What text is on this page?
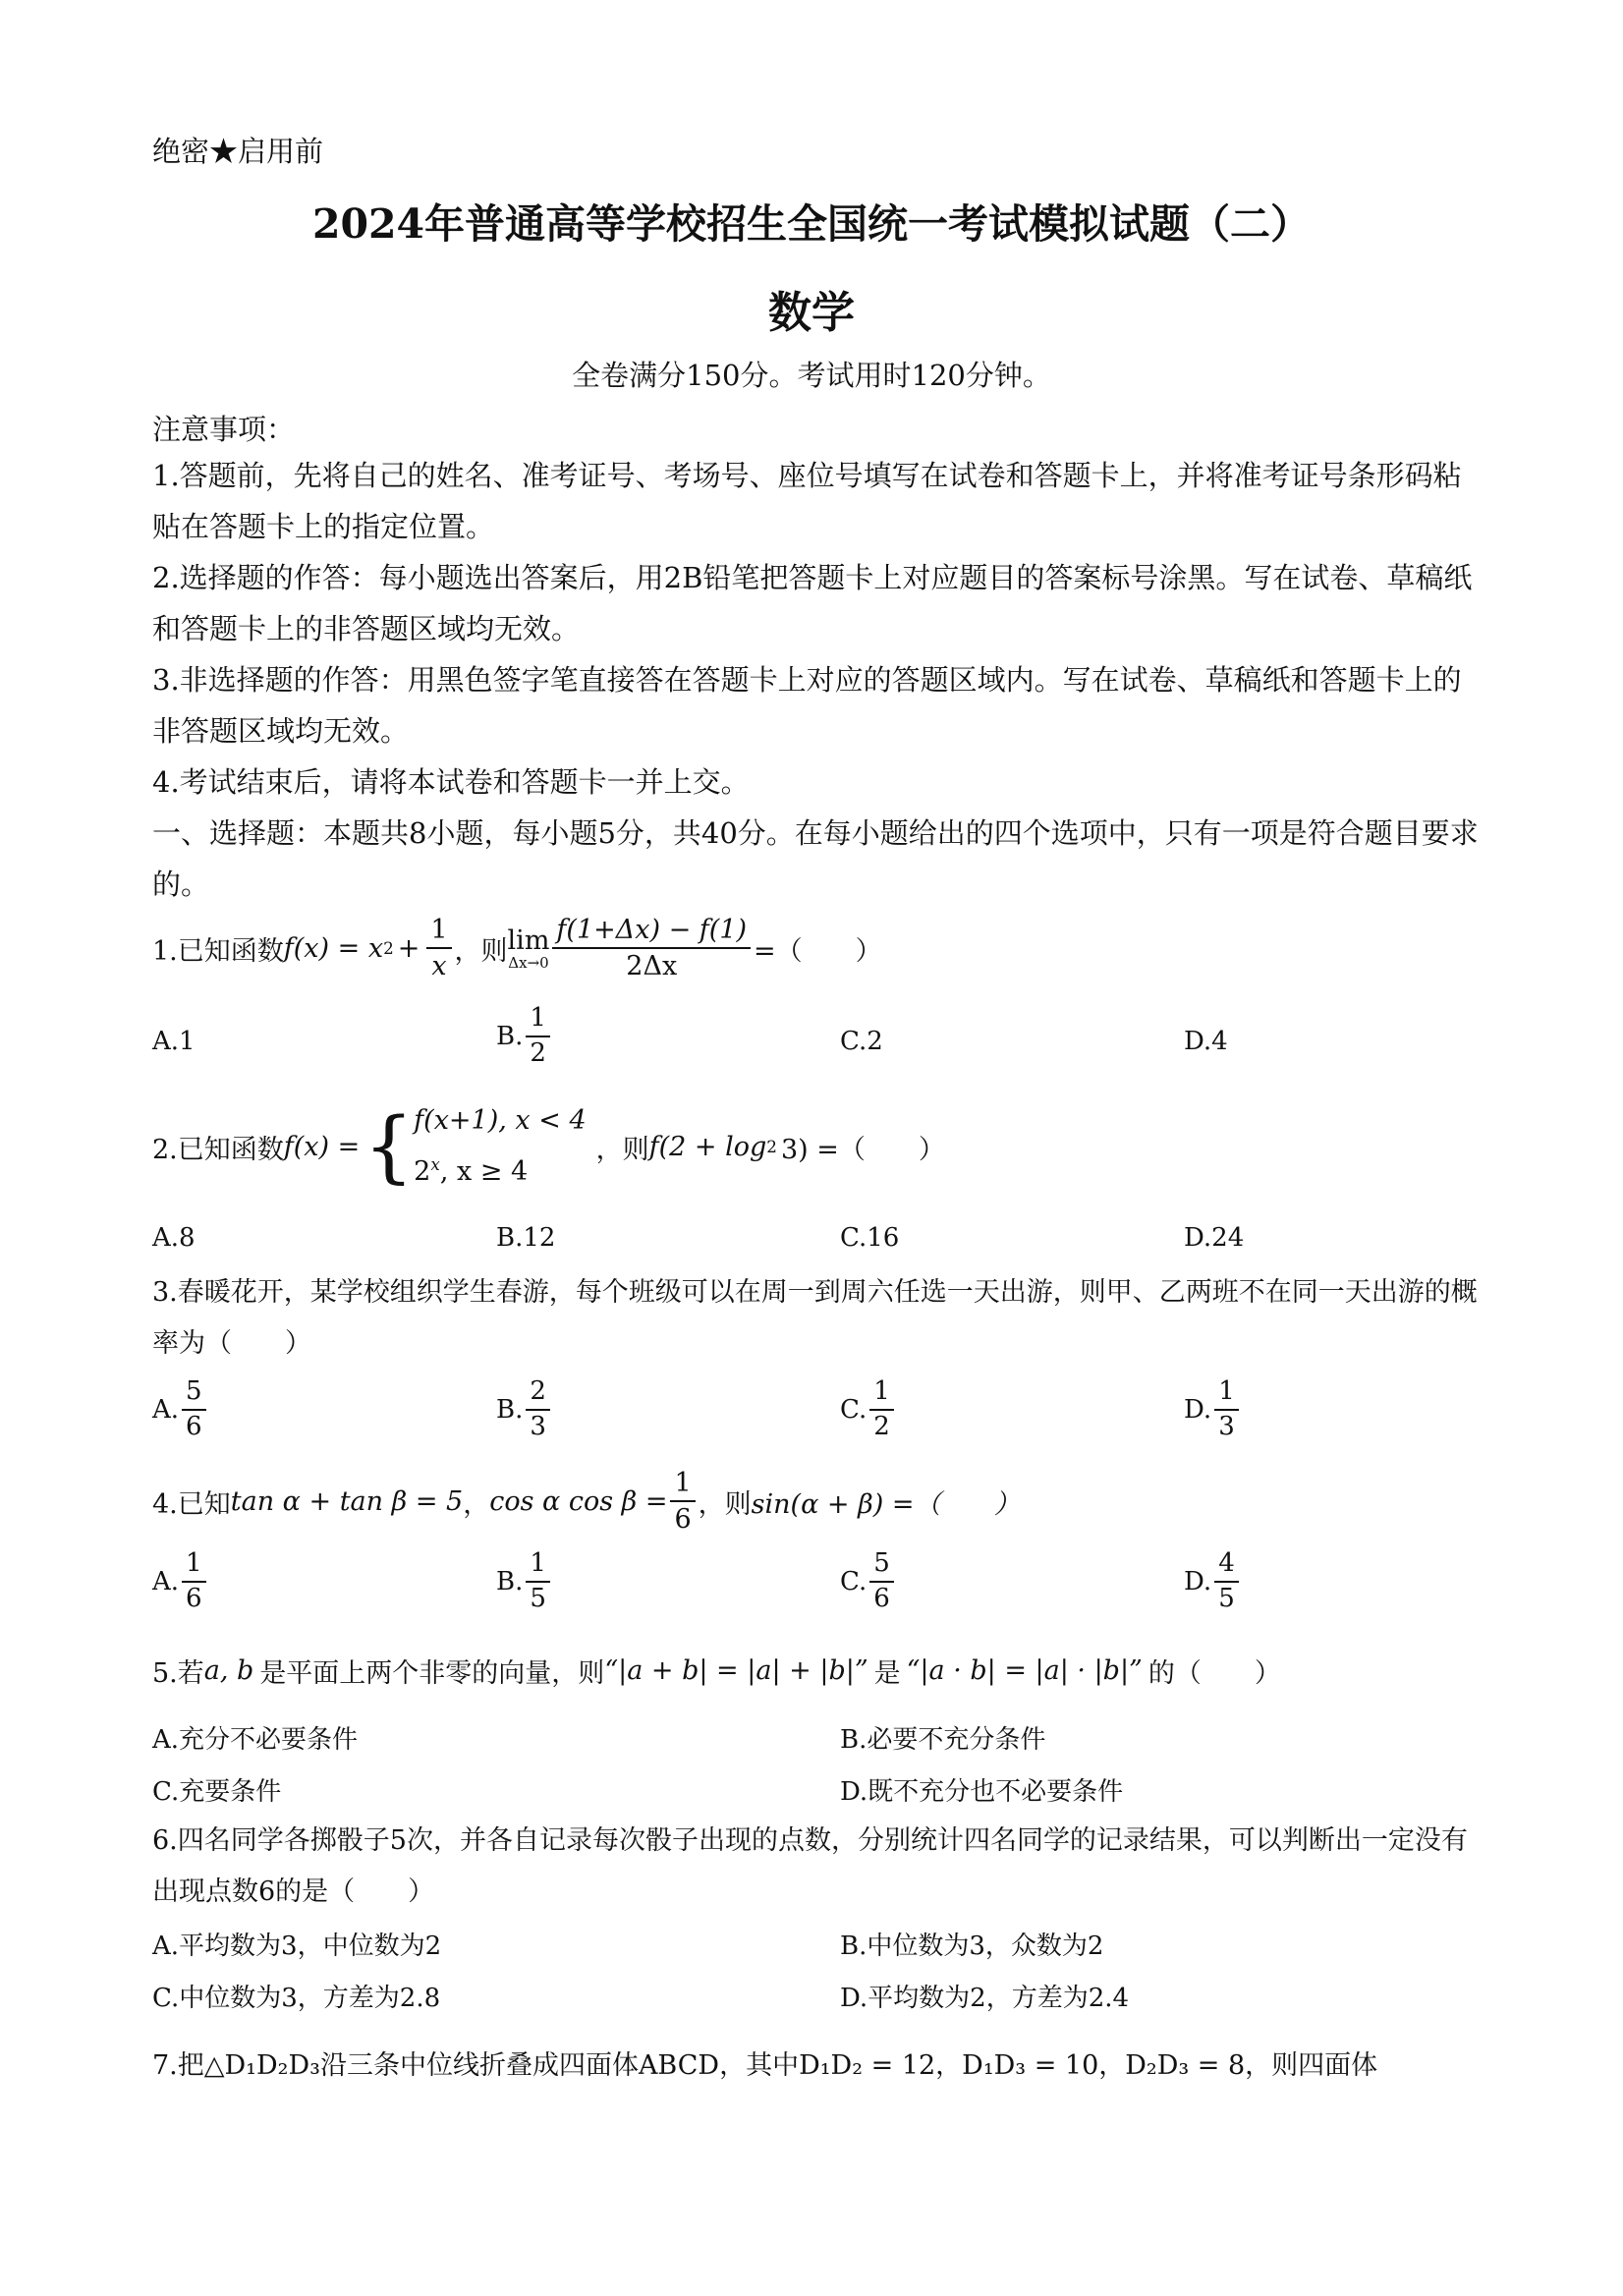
绝密★启用前
2024年普通高等学校招生全国统一考试模拟试题（二）
数学
全卷满分150分。考试用时120分钟。
注意事项：
1.答题前，先将自己的姓名、准考证号、考场号、座位号填写在试卷和答题卡上，并将准考证号条形码粘贴在答题卡上的指定位置。
2.选择题的作答：每小题选出答案后，用2B铅笔把答题卡上对应题目的答案标号涂黑。写在试卷、草稿纸和答题卡上的非答题区域均无效。
3.非选择题的作答：用黑色签字笔直接答在答题卡上对应的答题区域内。写在试卷、草稿纸和答题卡上的非答题区域均无效。
4.考试结束后，请将本试卷和答题卡一并上交。
一、选择题：本题共8小题，每小题5分，共40分。在每小题给出的四个选项中，只有一项是符合题目要求的。
1.已知函数 f(x) = x $2 + \frac{1}{x}$ ，则 lim
$\Delta x\to 0 \frac{f(1+\Delta x) - f(1)}{2\Delta x}$ =（　　）
A.1	B. $\frac{1}{2}$	C.2	D.4
2.已知函数 f(x) = { f(x+1), x < 4
2$^x$, x ≥ 4
，则 f(2 + log 2 3) =（　　）
A.8	B.12	C.16	D.24
3.春暖花开，某学校组织学生春游，每个班级可以在周一到周六任选一天出游，则甲、乙两班不在同一天出游的概率为（　　）
A. $\frac{5}{6}$	B. $\frac{2}{3}$	C. $\frac{1}{2}$	D. $\frac{1}{3}$
4.已知 tan α + tan β = 5 ， cos α $\cos \beta = \frac{1}{6}$ ，则 sin(α + β) =（　　）
A. $\frac{1}{6}$	B. $\frac{1}{5}$	C. $\frac{5}{6}$	D. $\frac{4}{5}$
5.若 a, b 是平面上两个非零的向量，则 “|a + b| = |a| + |b|” 是 “|a · b| = |a| · |b|” 的（　　）
A.充分不必要条件	B.必要不充分条件
C.充要条件	D.既不充分也不必要条件
6.四名同学各掷骰子5次，并各自记录每次骰子出现的点数，分别统计四名同学的记录结果，可以判断出一定没有出现点数6的是（　　）
A.平均数为3，中位数为2	B.中位数为3，众数为2
C.中位数为3，方差为2.8	D.平均数为2，方差为2.4
7.把△D₁D₂D₃沿三条中位线折叠成四面体ABCD，其中D₁D₂ = 12，D₁D₃ = 10，D₂D₃ = 8，则四面体
